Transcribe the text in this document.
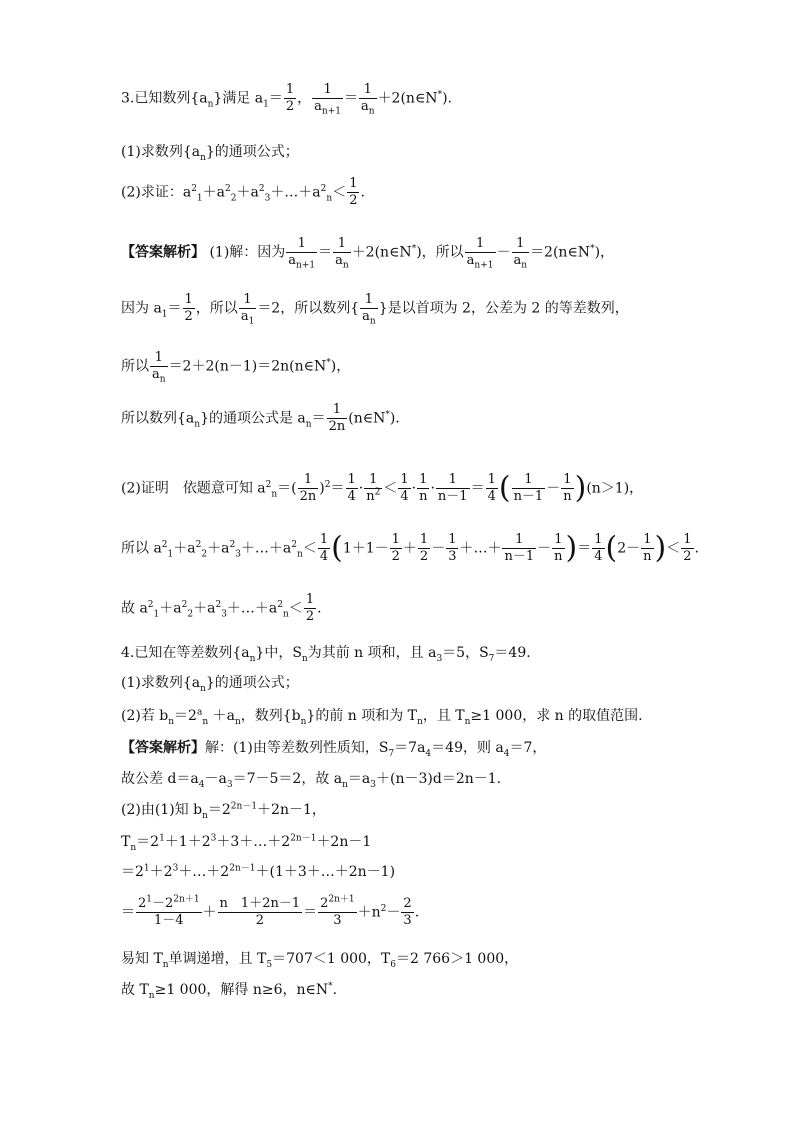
3.已知数列$\{a_n\}$满足 $a_1= \frac{1}{2}$ ， $\frac{1}{a_{n+1}} = \frac{1}{a_n}$ ＋2(n∈N*).
(1)求数列$\{a_n\}$的通项公式；
(2)求证：$a^2_1+a^2_2+a^2_3+\dots+a^2_n< \frac{1}{2}$ .
【答案解析】 (1)解：因为 $\frac{1}{a_{n+1}} = \frac{1}{a_n}$ ＋2(n∈N*)，所以 $\frac{1}{a_{n+1}} - \frac{1}{a_n}$ ＝2(n∈N*)，
因为 $a_1= \frac{1}{2}$ ，所以 $\frac{1}{a_1} =2$，所以数列{ $\frac{1}{a_n}$ }是以首项为 2，公差为 2 的等差数列，
所以 $\frac{1}{a_n}$ ＝2＋2(n－1)＝2n(n∈N*)，
所以数列$\{a_n\}$的通项公式是 $a_n= \frac{1}{2n}$ (n∈N*).
(2)证明　依题意可知 $a^2_n=( \frac{1}{2n} )^2= \frac{1}{4} \cdot \frac{1}{n^2} < \frac{1}{4} \cdot \frac{1}{n} \cdot \frac{1}{n-1} = \frac{1}{4}$ ( $\frac{1}{n-1} - \frac{1}{n} )(n>1)$，
所以 $a^2_1+a^2_2+a^2_3+\dots+a^2_n< \frac{1}{4} (1+1- \frac{1}{2} + \frac{1}{2} - \frac{1}{3}$ ＋…＋ $\frac{1}{n-1} - \frac{1}{n}$ )＝ $\frac{1}{4} (2- \frac{1}{n}$ )＜ $\frac{1}{2}$ .
故 $a^2_1+a^2_2+a^2_3+\dots+a^2_n< \frac{1}{2}$ .
4.已知在等差数列$\{a_n\}$中，$S_n$为其前 n 项和，且 $a_3=5$，$S_7=49$.
(1)求数列$\{a_n\}$的通项公式；
(2)若 $b_n=2^a_n +a_n$，数列$\{b_n\}$的前 n 项和为 $T_n$，且 $T_n\ge 1$ 000，求 n 的取值范围.
【答案解析】解：(1)由等差数列性质知，$S_7=7a_4=49$，则 $a_4=7$，
故公差 $d=a_4-a_3=7-5=2$，故 $a_n=a_3+(n-3)d=2n-1$.
(2)由(1)知 $b_n=2^{2n-1}+2n-1$，
$T_n=2^1+1+2^3+3+\dots+2^{2n-1}+2n-1$
$=2^1+2^3+\dots+2^{2n-1}+(1+3+\dots+2n-1)$
＝ $\frac{2^1-2^{2n+1}}{1-4} + \frac{n 1+2n-1}{2} = \frac{2^{2n+1}}{3} +n^2- \frac{2}{3}$ .
易知 $T_n$单调递增，且 $T_5=707<1$ 000，$T_6=2$ 766＞1 000，
故 $T_n\ge 1$ 000，解得 n≥6，n∈N*.
